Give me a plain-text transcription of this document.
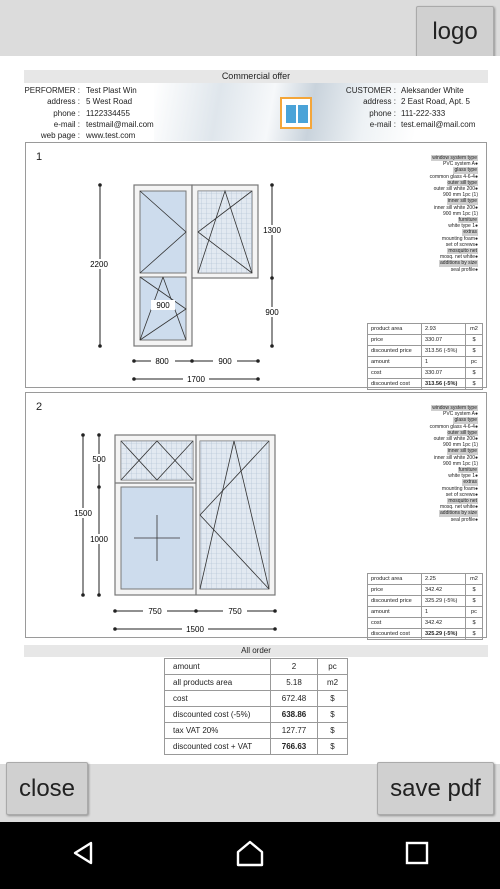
logo
Commercial offer
PERFORMER : Test Plast Win
address : 5 West Road
phone : 1122334455
e-mail : testmail@mail.com
web page : www.test.com
CUSTOMER : Aleksander White
address : 2 East Road, Apt. 5
phone : 111-222-333
e-mail : test.email@mail.com
1
2200
1300
900
900
800	900
1700
window system type
PVC system A●
glass type
common glass 4-6-4●
outer sill type
outer sill white 200●
900 mm 1pc (1)
inner sill type
inner sill white 200●
900 mm 1pc (1)
furniture
white type 1●
extras
mounting foam●
set of screws●
mosquito net
mosq. net white●
additions by size
seal profile●
product area	2.93	m2
price	330.07	$
discounted price	313.56 (-5%)	$
amount	1	pc
cost	330.07	$
discounted cost	313.56 (-5%)	$
2
500
1500
1000
750	750
1500
window system type
PVC system A●
glass type
common glass 4-6-4●
outer sill type
outer sill white 200●
900 mm 1pc (1)
inner sill type
inner sill white 200●
900 mm 1pc (1)
furniture
white type 1●
extras
mounting foam●
set of screws●
mosquito net
mosq. net white●
additions by size
seal profile●
product area	2.25	m2
price	342.42	$
discounted price	325.29 (-5%)	$
amount	1	pc
cost	342.42	$
discounted cost	325.29 (-5%)	$
All order
amount	2	pc
all products area	5.18	m2
cost	672.48	$
discounted cost (-5%)	638.86	$
tax VAT 20%	127.77	$
discounted cost + VAT	766.63	$
close	save pdf
